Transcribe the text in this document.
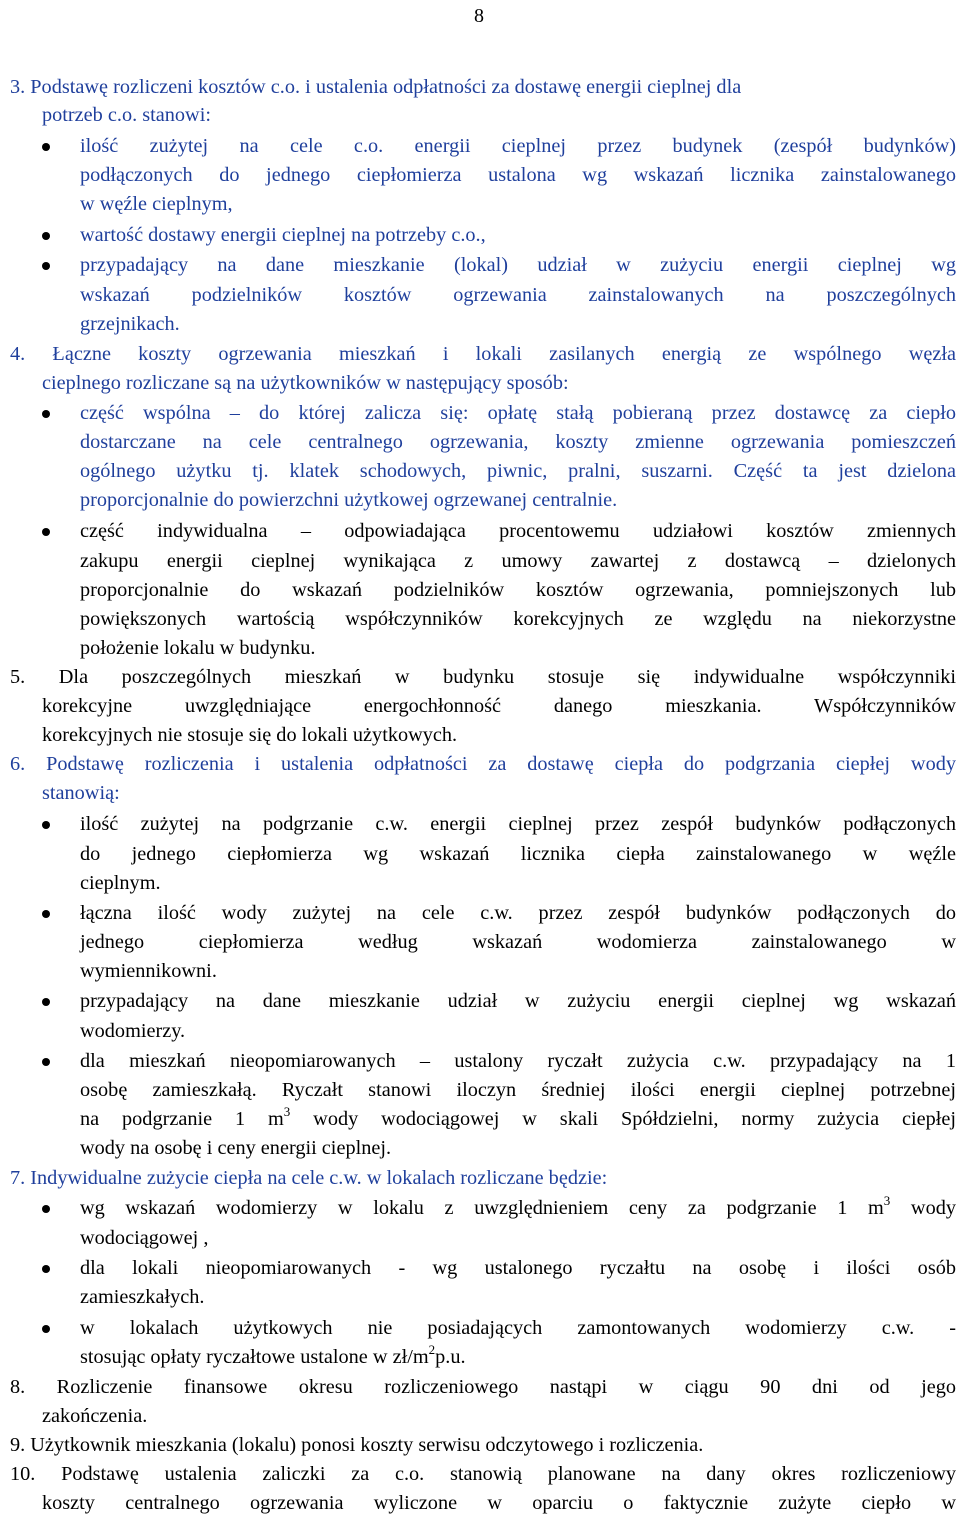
8
3. Podstawę rozliczeni kosztów c.o. i ustalenia odpłatności za dostawę energii cieplnej dla
potrzeb c.o. stanowi:
ilość zużytej na cele c.o. energii cieplnej przez budynek (zespół budynków)
podłączonych do jednego ciepłomierza ustalona wg wskazań licznika zainstalowanego
w węźle cieplnym,
wartość dostawy energii cieplnej na potrzeby c.o.,
przypadający na dane mieszkanie (lokal) udział w zużyciu energii cieplnej wg
wskazań podzielników kosztów ogrzewania zainstalowanych na poszczególnych
grzejnikach.
4. Łączne koszty ogrzewania mieszkań i lokali zasilanych energią ze wspólnego węzła
cieplnego rozliczane są na użytkowników w następujący sposób:
część wspólna – do której zalicza się: opłatę stałą pobieraną przez dostawcę za ciepło
dostarczane na cele centralnego ogrzewania, koszty zmienne ogrzewania pomieszczeń
ogólnego użytku tj. klatek schodowych, piwnic, pralni, suszarni. Część ta jest dzielona
proporcjonalnie do powierzchni użytkowej ogrzewanej centralnie.
część indywidualna – odpowiadająca procentowemu udziałowi kosztów zmiennych
zakupu energii cieplnej wynikająca z umowy zawartej z dostawcą – dzielonych
proporcjonalnie do wskazań podzielników kosztów ogrzewania, pomniejszonych lub
powiększonych wartością współczynników korekcyjnych ze względu na niekorzystne
położenie lokalu w budynku.
5. Dla poszczególnych mieszkań w budynku stosuje się indywidualne współczynniki
korekcyjne uwzględniające energochłonność danego mieszkania. Współczynników
korekcyjnych nie stosuje się do lokali użytkowych.
6. Podstawę rozliczenia i ustalenia odpłatności za dostawę ciepła do podgrzania ciepłej wody
stanowią:
ilość zużytej na podgrzanie c.w. energii cieplnej przez zespół budynków podłączonych
do jednego ciepłomierza wg wskazań licznika ciepła zainstalowanego w węźle
cieplnym.
łączna ilość wody zużytej na cele c.w. przez zespół budynków podłączonych do
jednego ciepłomierza według wskazań wodomierza zainstalowanego w
wymiennikowni.
przypadający na dane mieszkanie udział w zużyciu energii cieplnej wg wskazań
wodomierzy.
dla mieszkań nieopomiarowanych – ustalony ryczałt zużycia c.w. przypadający na 1
osobę zamieszkałą. Ryczałt stanowi iloczyn średniej ilości energii cieplnej potrzebnej
na podgrzanie 1 $m^3$ wody wodociągowej w skali Spółdzielni, normy zużycia ciepłej
wody na osobę i ceny energii cieplnej.
7. Indywidualne zużycie ciepła na cele c.w. w lokalach rozliczane będzie:
wg wskazań wodomierzy w lokalu z uwzględnieniem ceny za podgrzanie 1 $m^3$ wody
wodociągowej ,
dla lokali nieopomiarowanych - wg ustalonego ryczałtu na osobę i ilości osób
zamieszkałych.
w lokalach użytkowych nie posiadających zamontowanych wodomierzy c.w. -
stosując opłaty ryczałtowe ustalone w $zł/m^2p.u$.
8. Rozliczenie finansowe okresu rozliczeniowego nastąpi w ciągu 90 dni od jego
zakończenia.
9. Użytkownik mieszkania (lokalu) ponosi koszty serwisu odczytowego i rozliczenia.
10. Podstawę ustalenia zaliczki za c.o. stanowią planowane na dany okres rozliczeniowy
koszty centralnego ogrzewania wyliczone w oparciu o faktycznie zużyte ciepło w
